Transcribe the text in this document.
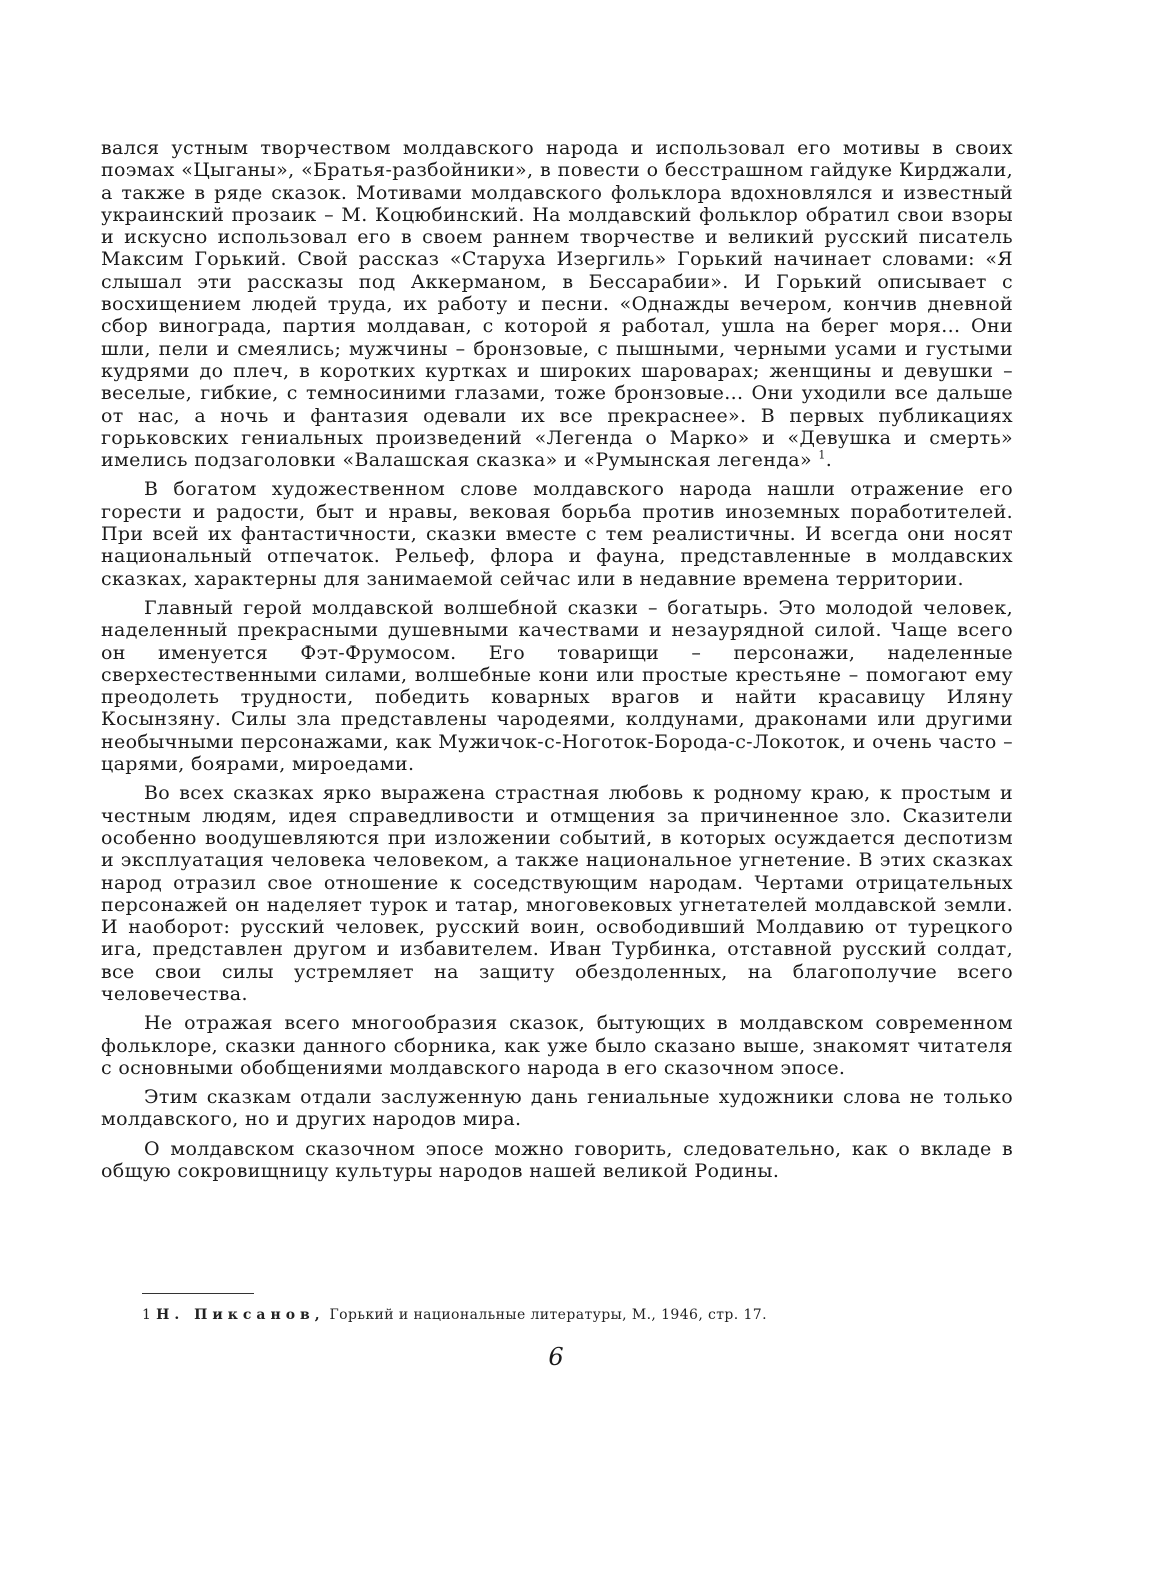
вался устным творчеством молдавского народа и использовал его мотивы в своих поэмах «Цыганы», «Братья-разбойники», в повести о бесстрашном гайдуке Кирджали, а также в ряде сказок. Мотивами молдавского фольклора вдохновлялся и известный украинский прозаик – М. Коцюбинский. На молдавский фольклор обратил свои взоры и искусно использовал его в своем раннем творчестве и великий русский писатель Максим Горький. Свой рассказ «Старуха Изергиль» Горький начинает словами: «Я слышал эти рассказы под Аккерманом, в Бессарабии». И Горький описывает с восхищением людей труда, их работу и песни. «Однажды вечером, кончив дневной сбор винограда, партия молдаван, с которой я работал, ушла на берег моря... Они шли, пели и смеялись; мужчины – бронзовые, с пышными, черными усами и густыми кудрями до плеч, в коротких куртках и широких шароварах; женщины и девушки – веселые, гибкие, с темносиними глазами, тоже бронзовые... Они уходили все дальше от нас, а ночь и фантазия одевали их все прекраснее». В первых публикациях горьковских гениальных произведений «Легенда о Марко» и «Девушка и смерть» имелись подзаголовки «Валашская сказка» и «Румынская легенда» $^1$.

В богатом художественном слове молдавского народа нашли отражение его горести и радости, быт и нравы, вековая борьба против иноземных поработителей. При всей их фантастичности, сказки вместе с тем реалистичны. И всегда они носят национальный отпечаток. Рельеф, флора и фауна, представленные в молдавских сказках, характерны для занимаемой сейчас или в недавние времена территории.

Главный герой молдавской волшебной сказки – богатырь. Это молодой человек, наделенный прекрасными душевными качествами и незаурядной силой. Чаще всего он именуется Фэт-Фрумосом. Его товарищи – персонажи, наделенные сверхестественными силами, волшебные кони или простые крестьяне – помогают ему преодолеть трудности, победить коварных врагов и найти красавицу Иляну Косынзяну. Силы зла представлены чародеями, колдунами, драконами или другими необычными персонажами, как Мужичок-с-Ноготок-Борода-с-Локоток, и очень часто – царями, боярами, мироедами.

Во всех сказках ярко выражена страстная любовь к родному краю, к простым и честным людям, идея справедливости и отмщения за причиненное зло. Сказители особенно воодушевляются при изложении событий, в которых осуждается деспотизм и эксплуатация человека человеком, а также национальное угнетение. В этих сказках народ отразил свое отношение к соседствующим народам. Чертами отрицательных персонажей он наделяет турок и татар, многовековых угнетателей молдавской земли. И наоборот: русский человек, русский воин, освободивший Молдавию от турецкого ига, представлен другом и избавителем. Иван Турбинка, отставной русский солдат, все свои силы устремляет на защиту обездоленных, на благополучие всего человечества.

Не отражая всего многообразия сказок, бытующих в молдавском современном фольклоре, сказки данного сборника, как уже было сказано выше, знакомят читателя с основными обобщениями молдавского народа в его сказочном эпосе.

Этим сказкам отдали заслуженную дань гениальные художники слова не только молдавского, но и других народов мира.

О молдавском сказочном эпосе можно говорить, следовательно, как о вкладе в общую сокровищницу культуры народов нашей великой Родины.

1 Н. Пиксанов, Горький и национальные литературы, М., 1946, стр. 17.
6
